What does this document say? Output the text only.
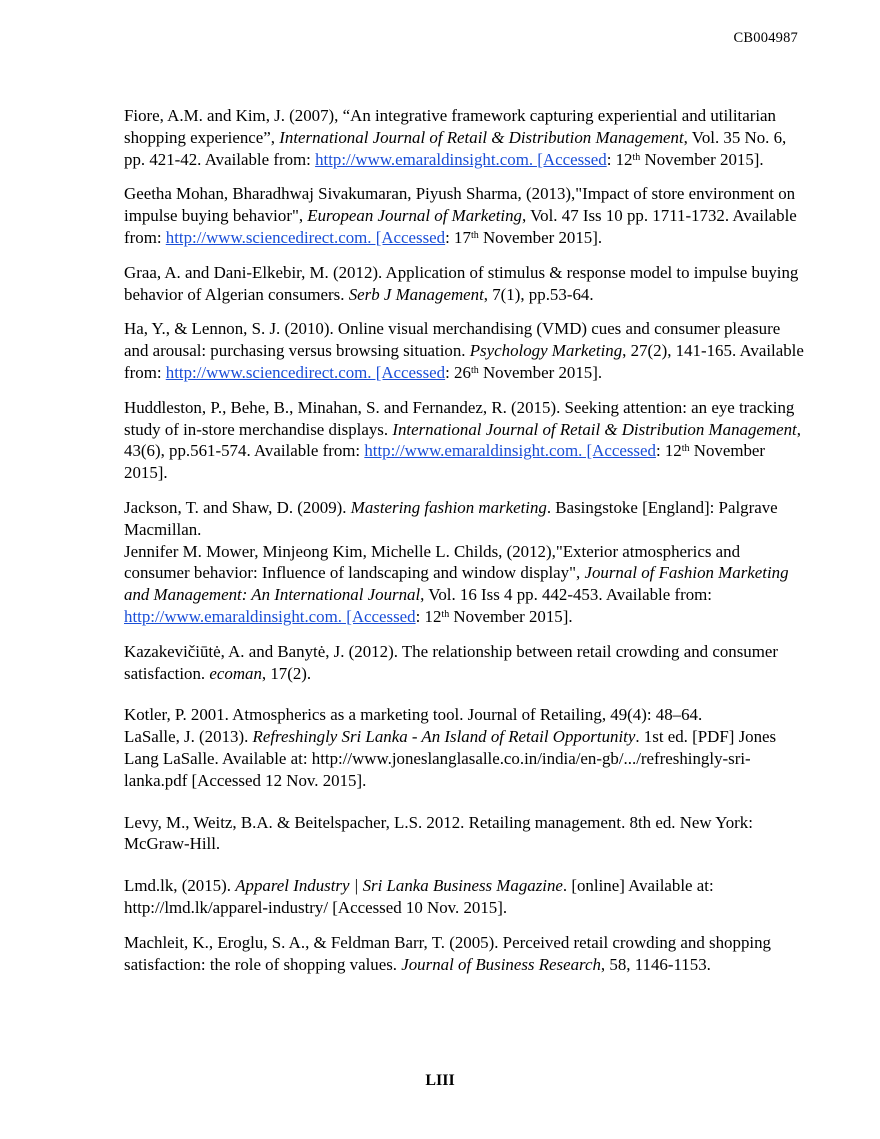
CB004987

Fiore, A.M. and Kim, J. (2007), “An integrative framework capturing experiential and utilitarian shopping experience”, International Journal of Retail & Distribution Management, Vol. 35 No. 6, pp. 421-42. Available from: http://www.emaraldinsight.com. [Accessed: 12th November 2015].

Geetha Mohan, Bharadhwaj Sivakumaran, Piyush Sharma, (2013),"Impact of store environment on impulse buying behavior", European Journal of Marketing, Vol. 47 Iss 10 pp. 1711-1732. Available from: http://www.sciencedirect.com. [Accessed: 17th November 2015].

Graa, A. and Dani-Elkebir, M. (2012). Application of stimulus & response model to impulse buying behavior of Algerian consumers. Serb J Management, 7(1), pp.53-64.

Ha, Y., & Lennon, S. J. (2010). Online visual merchandising (VMD) cues and consumer pleasure and arousal: purchasing versus browsing situation. Psychology Marketing, 27(2), 141-165. Available from: http://www.sciencedirect.com. [Accessed: 26th November 2015].

Huddleston, P., Behe, B., Minahan, S. and Fernandez, R. (2015). Seeking attention: an eye tracking study of in-store merchandise displays. International Journal of Retail & Distribution Management, 43(6), pp.561-574. Available from: http://www.emaraldinsight.com. [Accessed: 12th November 2015].

Jackson, T. and Shaw, D. (2009). Mastering fashion marketing. Basingstoke [England]: Palgrave Macmillan.

Jennifer M. Mower, Minjeong Kim, Michelle L. Childs, (2012),"Exterior atmospherics and consumer behavior: Influence of landscaping and window display", Journal of Fashion Marketing and Management: An International Journal, Vol. 16 Iss 4 pp. 442-453. Available from: http://www.emaraldinsight.com. [Accessed: 12th November 2015].

Kazakevičiūtė, A. and Banytė, J. (2012). The relationship between retail crowding and consumer satisfaction. ecoman, 17(2).

Kotler, P. 2001. Atmospherics as a marketing tool. Journal of Retailing, 49(4): 48–64.

LaSalle, J. (2013). Refreshingly Sri Lanka - An Island of Retail Opportunity. 1st ed. [PDF] Jones Lang LaSalle. Available at: http://www.joneslanglasalle.co.in/india/en-gb/.../refreshingly-sri-lanka.pdf [Accessed 12 Nov. 2015].

Levy, M., Weitz, B.A. & Beitelspacher, L.S. 2012. Retailing management. 8th ed. New York: McGraw-Hill.

Lmd.lk, (2015). Apparel Industry | Sri Lanka Business Magazine. [online] Available at: http://lmd.lk/apparel-industry/ [Accessed 10 Nov. 2015].

Machleit, K., Eroglu, S. A., & Feldman Barr, T. (2005). Perceived retail crowding and shopping satisfaction: the role of shopping values. Journal of Business Research, 58, 1146-1153.

LIII
